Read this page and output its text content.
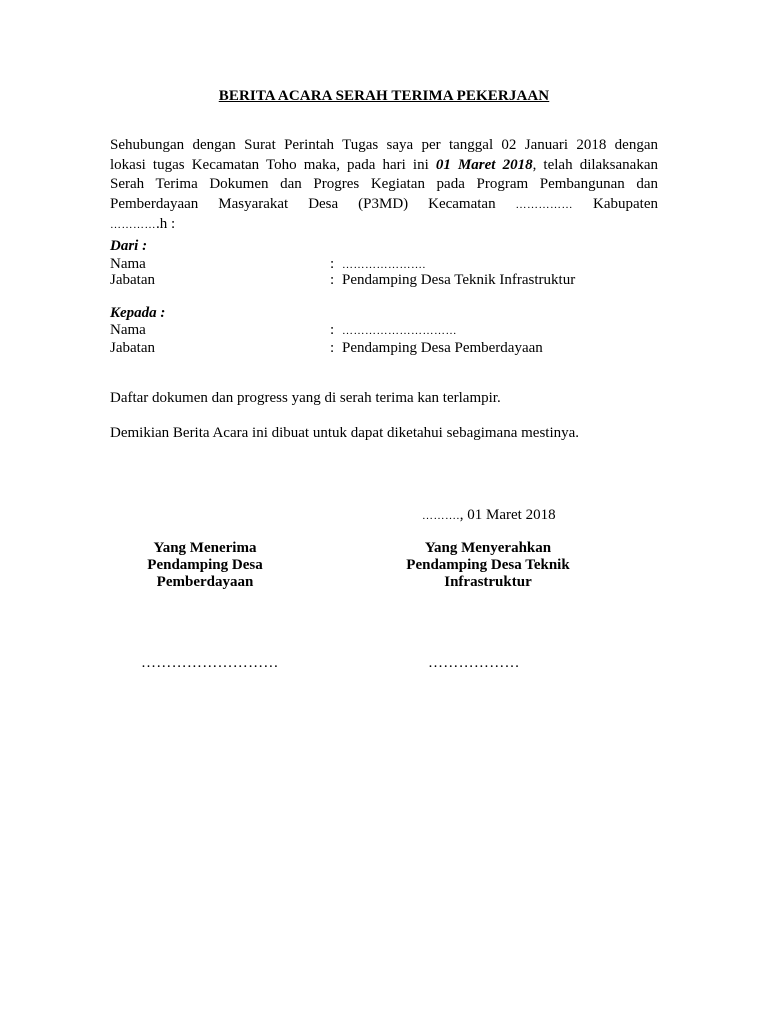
BERITA ACARA SERAH TERIMA PEKERJAAN
Sehubungan dengan Surat Perintah Tugas saya per tanggal 02 Januari 2018 dengan
lokasi tugas Kecamatan Toho maka, pada hari ini 01 Maret 2018, telah dilaksanakan
Serah Terima Dokumen dan Progres Kegiatan pada Program Pembangunan dan
Pemberdayaan Masyarakat Desa (P3MD) Kecamatan …………… Kabupaten
………….h :
Dari :
Nama	: ………………….
Jabatan	: Pendamping Desa Teknik Infrastruktur
Kepada :
Nama	: …………………………
Jabatan	: Pendamping Desa Pemberdayaan
Daftar dokumen dan progress yang di serah terima kan terlampir.
Demikian Berita Acara ini dibuat untuk dapat diketahui sebagimana mestinya.
………., 01 Maret 2018
Yang Menerima
Pendamping Desa
Pemberdayaan
Yang Menyerahkan
Pendamping Desa Teknik
Infrastruktur
………………………	………………
